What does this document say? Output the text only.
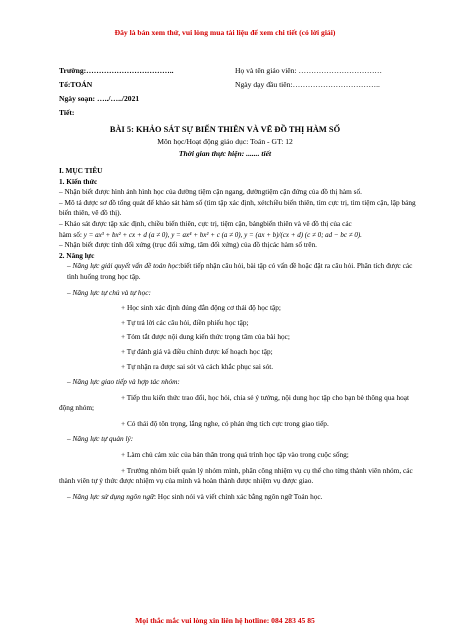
Đây là bản xem thử, vui lòng mua tài liệu để xem chi tiết (có lời giải)
Trường:……………………………..	Họ và tên giáo viên: ……………………………
Tổ:TOÁN	Ngày dạy đầu tiên:……………………………..
Ngày soạn: …../…../2021
Tiết:
BÀI 5: KHẢO SÁT SỰ BIẾN THIÊN VÀ VẼ ĐỒ THỊ HÀM SỐ
Môn học/Hoạt động giáo dục: Toán - GT: 12
Thời gian thực hiện: ....... tiết
I. MỤC TIÊU
1. Kiến thức

– Nhận biết được hình ảnh hình học của đường tiệm cận ngang, đườngtiệm cận đứng của đồ thị hàm số.

– Mô tả được sơ đồ tổng quát để khảo sát hàm số (tìm tập xác định, xétchiều biến thiên, tìm cực trị, tìm tiệm cận, lập bảng biến thiên, vẽ đồ thị).

– Khảo sát được tập xác định, chiều biến thiên, cực trị, tiệm cận, bảngbiến thiên và vẽ đồ thị của các

hàm số: y = ax³ + bx² + cx + d (a ≠ 0), y = ax⁴ + bx² + c (a ≠ 0), y = (ax + b)/(cx + d) (c ≠ 0; ad − bc ≠ 0).

– Nhận biết được tính đối xứng (trục đối xứng, tâm đối xứng) của đồ thịcác hàm số trên.

2. Năng lực

– Năng lực giải quyết vấn đề toán học:biết tiếp nhận câu hỏi, bài tập có vấn đề hoặc đặt ra câu hỏi. Phân tích được các tình huống trong học tập.

– Năng lực tự chủ và tự học:

+ Học sinh xác định đúng đắn động cơ thái độ học tập;

+ Tự trả lời các câu hỏi, điền phiếu học tập;

+ Tóm tắt được nội dung kiến thức trọng tâm của bài học;

+ Tự đánh giá và điều chỉnh được kế hoạch học tập;

+ Tự nhận ra được sai sót và cách khắc phục sai sót.

– Năng lực giao tiếp và hợp tác nhóm:

+ Tiếp thu kiến thức trao đổi, học hỏi, chia sẻ ý tưởng, nội dung học tập cho bạn bè thông qua hoạt động nhóm;

+ Có thái độ tôn trọng, lắng nghe, có phản ứng tích cực trong giao tiếp.

– Năng lực tự quản lý:

+ Làm chủ cảm xúc của bản thân trong quá trình học tập vào trong cuộc sống;

+ Trưởng nhóm biết quản lý nhóm mình, phân công nhiệm vụ cụ thể cho từng thành viên nhóm, các thành viên tự ý thức được nhiệm vụ của mình và hoàn thành được nhiệm vụ được giao.

– Năng lực sử dụng ngôn ngữ: Học sinh nói và viết chính xác bằng ngôn ngữ Toán học.

Mọi thắc mắc vui lòng xin liên hệ hotline: 084 283 45 85
